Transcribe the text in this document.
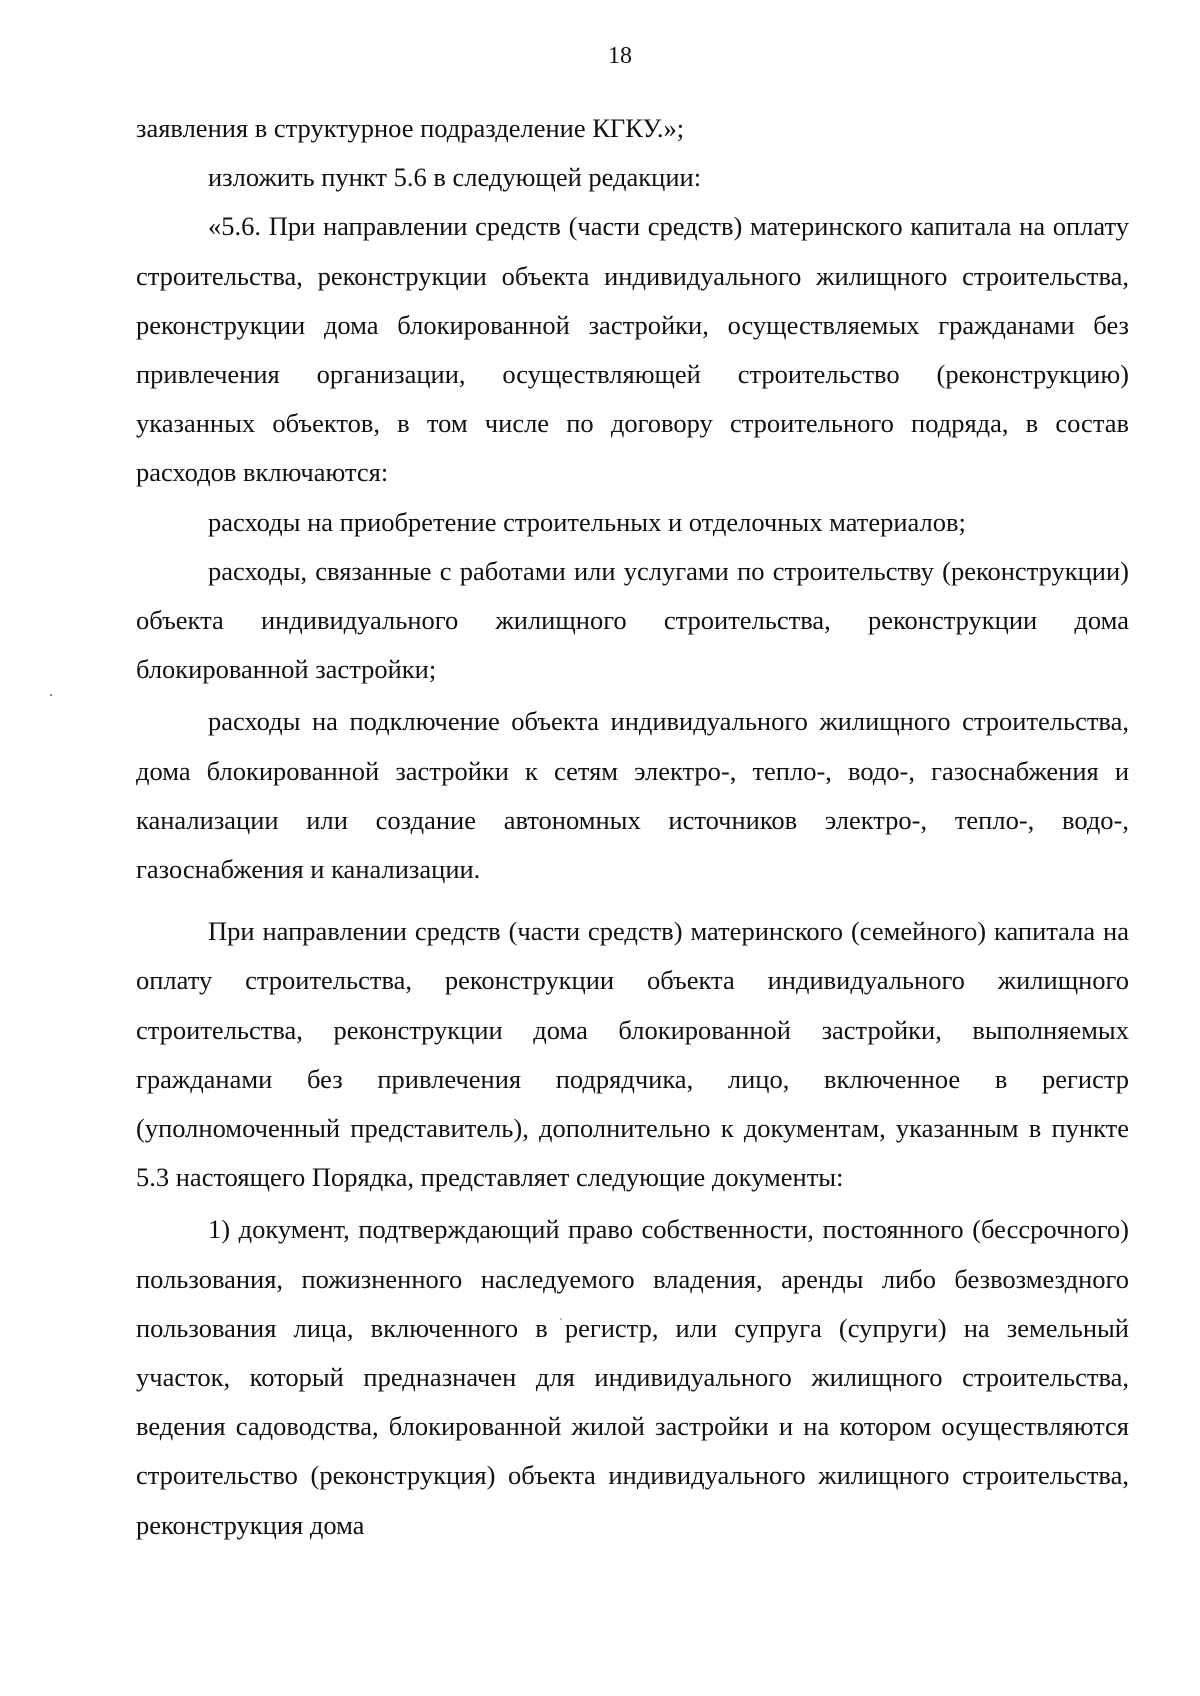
18

заявления в структурное подразделение КГКУ.»;

изложить пункт 5.6 в следующей редакции:

«5.6. При направлении средств (части средств) материнского капитала на оплату строительства, реконструкции объекта индивидуального жилищного строительства, реконструкции дома блокированной застройки, осуществляемых гражданами без привлечения организации, осуществляющей строительство (реконструкцию) указанных объектов, в том числе по договору строительного подряда, в состав расходов включаются:

расходы на приобретение строительных и отделочных материалов;

расходы, связанные с работами или услугами по строительству (реконструкции) объекта индивидуального жилищного строительства, реконструкции дома блокированной застройки;

расходы на подключение объекта индивидуального жилищного строительства, дома блокированной застройки к сетям электро-, тепло-, водо-, газоснабжения и канализации или создание автономных источников электро-, тепло-, водо-, газоснабжения и канализации.

При направлении средств (части средств) материнского (семейного) капитала на оплату строительства, реконструкции объекта индивидуального жилищного строительства, реконструкции дома блокированной застройки, выполняемых гражданами без привлечения подрядчика, лицо, включенное в регистр (уполномоченный представитель), дополнительно к документам, указанным в пункте 5.3 настоящего Порядка, представляет следующие документы:

1) документ, подтверждающий право собственности, постоянного (бессрочного) пользования, пожизненного наследуемого владения, аренды либо безвозмездного пользования лица, включенного в регистр, или супруга (супруги) на земельный участок, который предназначен для индивидуального жилищного строительства, ведения садоводства, блокированной жилой застройки и на котором осуществляются строительство (реконструкция) объекта индивидуального жилищного строительства, реконструкция дома
